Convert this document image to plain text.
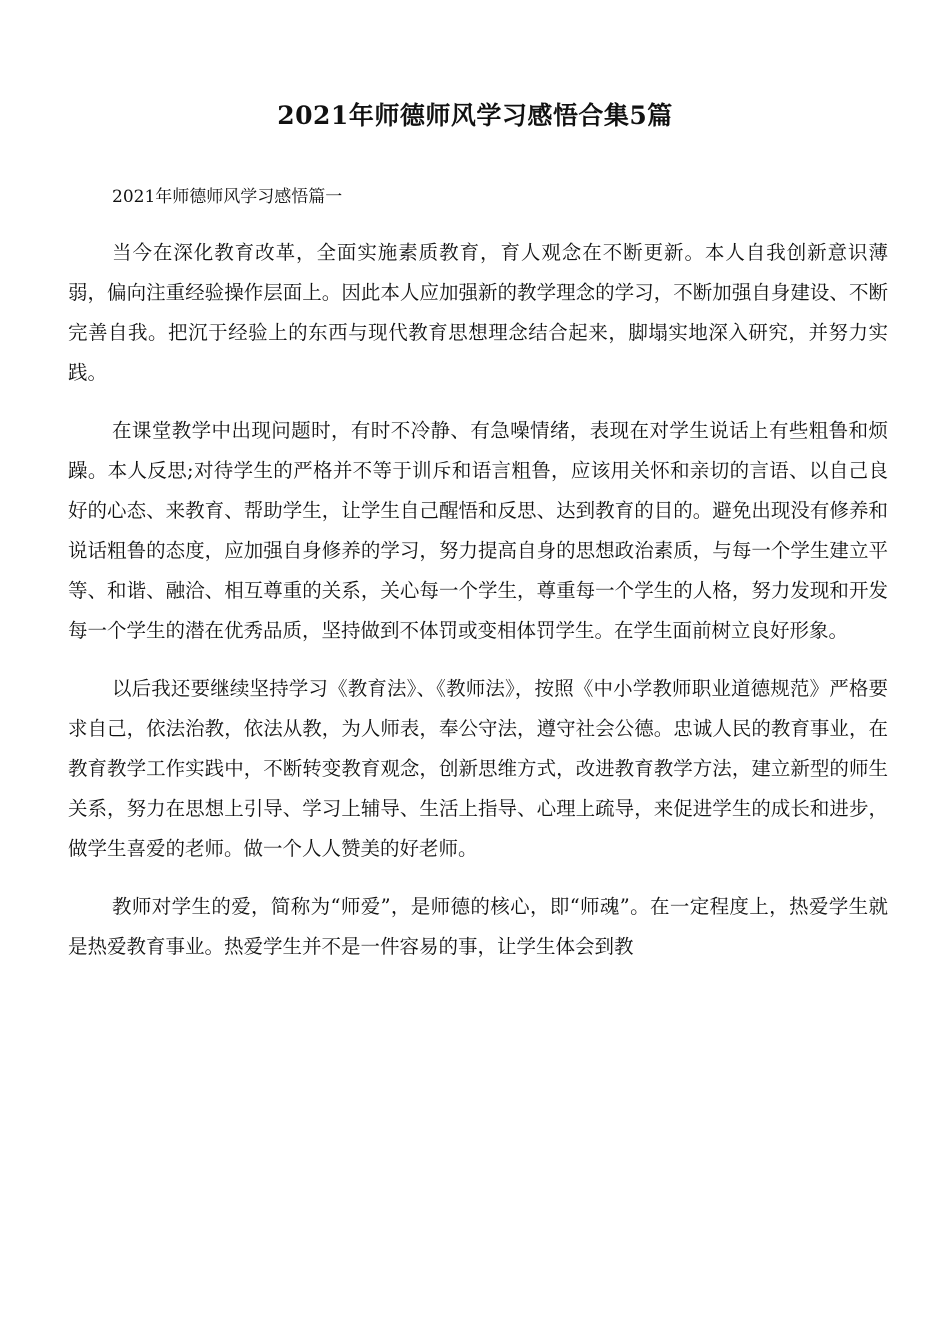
2021年师德师风学习感悟合集5篇

2021年师德师风学习感悟篇一

当今在深化教育改革，全面实施素质教育，育人观念在不断更新。本人自我创新意识薄弱，偏向注重经验操作层面上。因此本人应加强新的教学理念的学习，不断加强自身建设、不断完善自我。把沉于经验上的东西与现代教育思想理念结合起来，脚塌实地深入研究，并努力实践。

在课堂教学中出现问题时，有时不冷静、有急噪情绪，表现在对学生说话上有些粗鲁和烦躁。本人反思;对待学生的严格并不等于训斥和语言粗鲁，应该用关怀和亲切的言语、以自己良好的心态、来教育、帮助学生，让学生自己醒悟和反思、达到教育的目的。避免出现没有修养和说话粗鲁的态度，应加强自身修养的学习，努力提高自身的思想政治素质，与每一个学生建立平等、和谐、融洽、相互尊重的关系，关心每一个学生，尊重每一个学生的人格，努力发现和开发每一个学生的潜在优秀品质，坚持做到不体罚或变相体罚学生。在学生面前树立良好形象。

以后我还要继续坚持学习《教育法》、《教师法》，按照《中小学教师职业道德规范》严格要求自己，依法治教，依法从教，为人师表，奉公守法，遵守社会公德。忠诚人民的教育事业，在教育教学工作实践中，不断转变教育观念，创新思维方式，改进教育教学方法，建立新型的师生关系，努力在思想上引导、学习上辅导、生活上指导、心理上疏导，来促进学生的成长和进步，做学生喜爱的老师。做一个人人赞美的好老师。

教师对学生的爱，简称为“师爱”，是师德的核心，即“师魂”。在一定程度上，热爱学生就是热爱教育事业。热爱学生并不是一件容易的事，让学生体会到教
